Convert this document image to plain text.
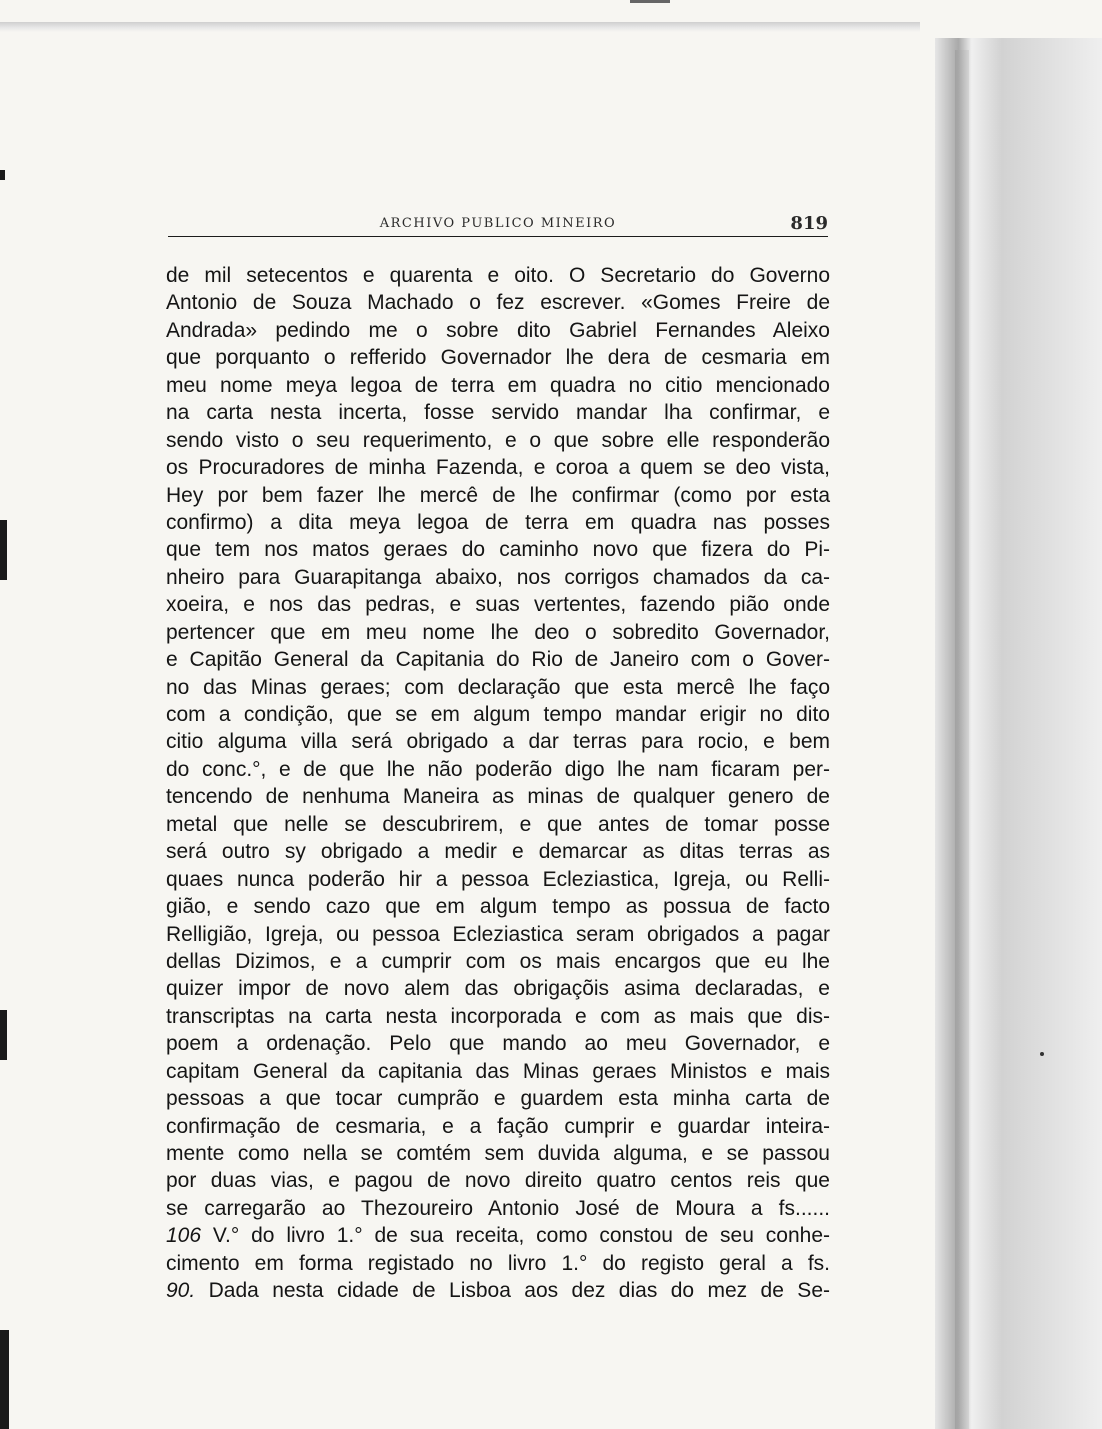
ARCHIVO PUBLICO MINEIRO	819
de mil setecentos e quarenta e oito. O Secretario do Governo
Antonio de Souza Machado o fez escrever. «Gomes Freire de
Andrada» pedindo me o sobre dito Gabriel Fernandes Aleixo
que porquanto o refferido Governador lhe dera de cesmaria em
meu nome meya legoa de terra em quadra no citio mencionado
na carta nesta incerta, fosse servido mandar lha confirmar, e
sendo visto o seu requerimento, e o que sobre elle responderão
os Procuradores de minha Fazenda, e coroa a quem se deo vista,
Hey por bem fazer lhe mercê de lhe confirmar (como por esta
confirmo) a dita meya legoa de terra em quadra nas posses
que tem nos matos geraes do caminho novo que fizera do Pi-
nheiro para Guarapitanga abaixo, nos corrigos chamados da ca-
xoeira, e nos das pedras, e suas vertentes, fazendo pião onde
pertencer que em meu nome lhe deo o sobredito Governador,
e Capitão General da Capitania do Rio de Janeiro com o Gover-
no das Minas geraes; com declaração que esta mercê lhe faço
com a condição, que se em algum tempo mandar erigir no dito
citio alguma villa será obrigado a dar terras para rocio, e bem
do conc.°, e de que lhe não poderão digo lhe nam ficaram per-
tencendo de nenhuma Maneira as minas de qualquer genero de
metal que nelle se descubrirem, e que antes de tomar posse
será outro sy obrigado a medir e demarcar as ditas terras as
quaes nunca poderão hir a pessoa Ecleziastica, Igreja, ou Relli-
gião, e sendo cazo que em algum tempo as possua de facto
Relligião, Igreja, ou pessoa Ecleziastica seram obrigados a pagar
dellas Dizimos, e a cumprir com os mais encargos que eu lhe
quizer impor de novo alem das obrigaçõis asima declaradas, e
transcriptas na carta nesta incorporada e com as mais que dis-
poem a ordenação. Pelo que mando ao meu Governador, e
capitam General da capitania das Minas geraes Ministos e mais
pessoas a que tocar cumprão e guardem esta minha carta de
confirmação de cesmaria, e a fação cumprir e guardar inteira-
mente como nella se comtém sem duvida alguma, e se passou
por duas vias, e pagou de novo direito quatro centos reis que
se carregarão ao Thezoureiro Antonio José de Moura a fs......
106 V.° do livro 1.° de sua receita, como constou de seu conhe-
cimento em forma registado no livro 1.° do registo geral a fs.
90. Dada nesta cidade de Lisboa aos dez dias do mez de Se-
